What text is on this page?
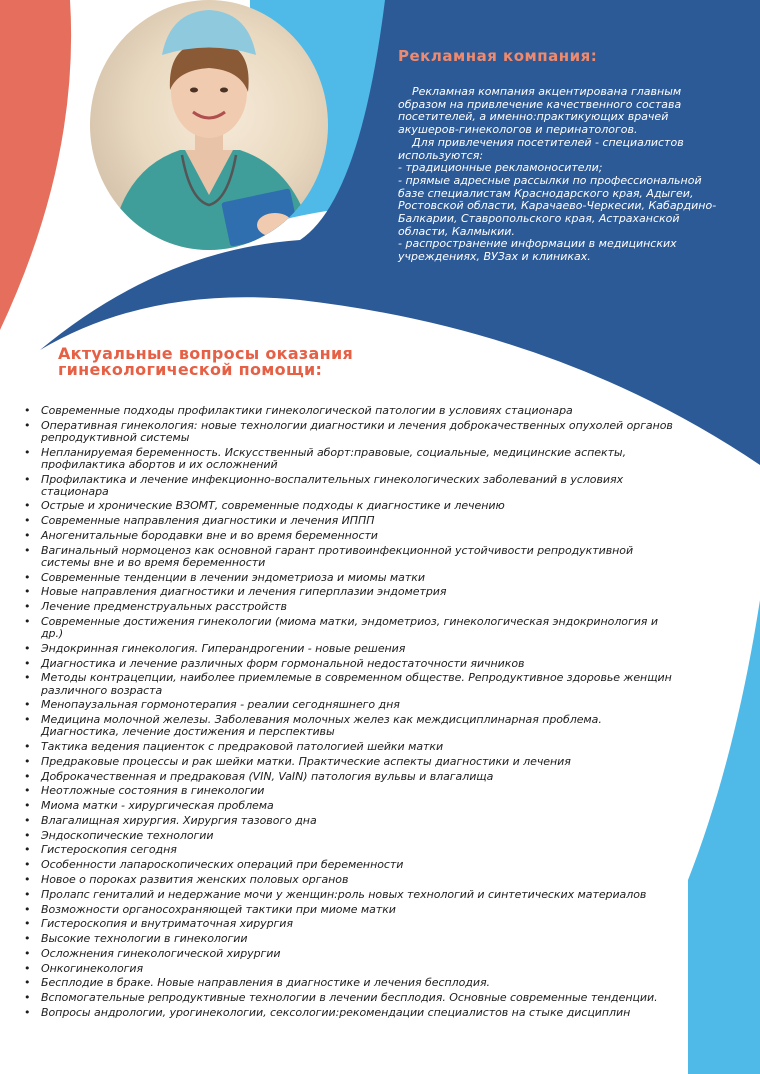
Рекламная компания:

Рекламная компания акцентирована главным образом на привлечение качественного состава посетителей, а именно:практикующих врачей акушеров-гинекологов и перинатологов.

Для привлечения посетителей - специалистов используются:

- традиционные рекламоносители;

- прямые адресные рассылки по профессиональной базе специалистам Краснодарского края, Адыгеи, Ростовской области, Карачаево-Черкесии, Кабардино-Балкарии, Ставропольского края, Астраханской области, Калмыкии.

- распространение информации в медицинских учреждениях, ВУЗах и клиниках.

Актуальные вопросы оказания гинекологической помощи:
• Современные подходы профилактики гинекологической патологии в условиях стационара
• Оперативная гинекология: новые технологии диагностики и лечения доброкачественных опухолей органов репродуктивной системы
• Непланируемая беременность. Искусственный аборт:правовые, социальные, медицинские аспекты, профилактика абортов и их осложнений
• Профилактика и лечение инфекционно-воспалительных гинекологических заболеваний в условиях стационара
• Острые и хронические ВЗОМТ, современные подходы к диагностике и лечению
• Современные направления диагностики и лечения ИППП
• Аногенитальные бородавки вне и во время беременности
• Вагинальный нормоценоз как основной гарант противоинфекционной устойчивости репродуктивной системы вне и во время беременности
• Современные тенденции в лечении эндометриоза и миомы матки
• Новые направления диагностики и лечения гиперплазии эндометрия
• Лечение предменструальных расстройств
• Современные достижения гинекологии (миома матки, эндометриоз, гинекологическая эндокринология и др.)
• Эндокринная гинекология. Гиперандрогении - новые решения
• Диагностика и лечение различных форм гормональной недостаточности яичников
• Методы контрацепции, наиболее приемлемые в современном обществе. Репродуктивное здоровье женщин различного возраста
• Менопаузальная гормонотерапия - реалии сегодняшнего дня
• Медицина молочной железы. Заболевания молочных желез как междисциплинарная проблема. Диагностика, лечение достижения и перспективы
• Тактика ведения пациенток с предраковой патологией шейки матки
• Предраковые процессы и рак шейки матки. Практические аспекты диагностики и лечения
• Доброкачественная и предраковая (VIN, VaIN) патология вульвы и влагалища
• Неотложные состояния в гинекологии
• Миома матки - хирургическая проблема
• Влагалищная хирургия. Хирургия тазового дна
• Эндоскопические технологии
• Гистероскопия сегодня
• Особенности лапароскопических операций при беременности
• Новое о пороках развития женских половых органов
• Пролапс гениталий и недержание мочи у женщин:роль новых технологий и синтетических материалов
• Возможности органосохраняющей тактики при миоме матки
• Гистероскопия и внутриматочная хирургия
• Высокие технологии в гинекологии
• Осложнения гинекологической хирургии
• Онкогинекология
• Бесплодие в браке. Новые направления в диагностике и лечения бесплодия.
• Вспомогательные репродуктивные технологии в лечении бесплодия. Основные современные тенденции.
• Вопросы андрологии, урогинекологии, сексологии:рекомендации специалистов на стыке дисциплин
